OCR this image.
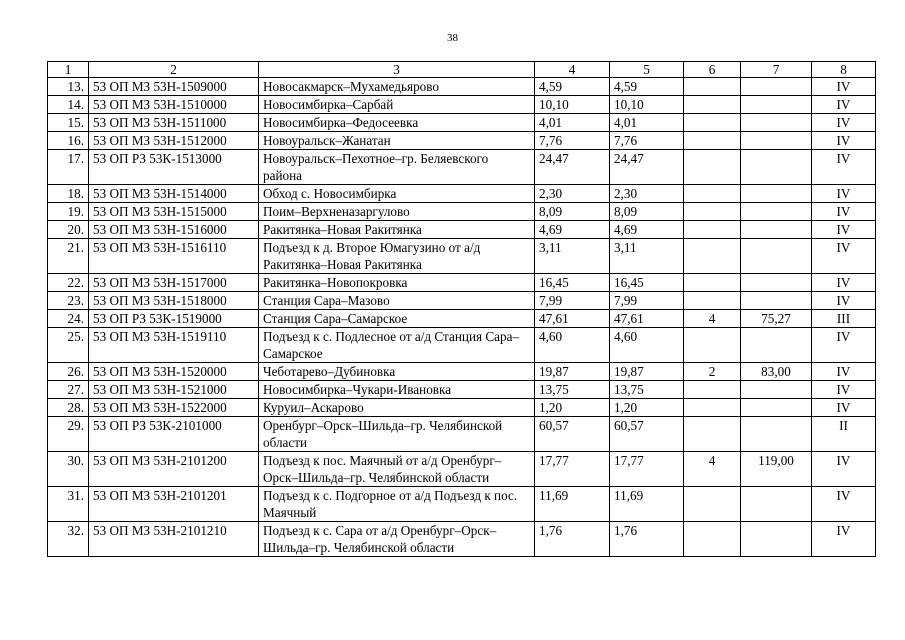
38
1	2	3	4	5	6	7	8
13.	53 ОП МЗ 53Н-1509000	Новосакмарск–Мухамедьярово	4,59	4,59			IV
14.	53 ОП МЗ 53Н-1510000	Новосимбирка–Сарбай	10,10	10,10			IV
15.	53 ОП МЗ 53Н-1511000	Новосимбирка–Федосеевка	4,01	4,01			IV
16.	53 ОП МЗ 53Н-1512000	Новоуральск–Жанатан	7,76	7,76			IV
17.	53 ОП РЗ 53К-1513000	Новоуральск–Пехотное–гр. Беляевского района	24,47	24,47			IV
18.	53 ОП МЗ 53Н-1514000	Обход с. Новосимбирка	2,30	2,30			IV
19.	53 ОП МЗ 53Н-1515000	Поим–Верхненазаргулово	8,09	8,09			IV
20.	53 ОП МЗ 53Н-1516000	Ракитянка–Новая Ракитянка	4,69	4,69			IV
21.	53 ОП МЗ 53Н-1516110	Подъезд к д. Второе Юмагузино от а/д Ракитянка–Новая Ракитянка	3,11	3,11			IV
22.	53 ОП МЗ 53Н-1517000	Ракитянка–Новопокровка	16,45	16,45			IV
23.	53 ОП МЗ 53Н-1518000	Станция Сара–Мазово	7,99	7,99			IV
24.	53 ОП РЗ 53К-1519000	Станция Сара–Самарское	47,61	47,61	4	75,27	III
25.	53 ОП МЗ 53Н-1519110	Подъезд к с. Подлесное от а/д Станция Сара–Самарское	4,60	4,60			IV
26.	53 ОП МЗ 53Н-1520000	Чеботарево–Дубиновка	19,87	19,87	2	83,00	IV
27.	53 ОП МЗ 53Н-1521000	Новосимбирка–Чукари-Ивановка	13,75	13,75			IV
28.	53 ОП МЗ 53Н-1522000	Куруил–Аскарово	1,20	1,20			IV
29.	53 ОП РЗ 53К-2101000	Оренбург–Орск–Шильда–гр. Челябинской области	60,57	60,57			II
30.	53 ОП МЗ 53Н-2101200	Подъезд к пос. Маячный от а/д Оренбург–Орск–Шильда–гр. Челябинской области	17,77	17,77	4	119,00	IV
31.	53 ОП МЗ 53Н-2101201	Подъезд к с. Подгорное от а/д Подъезд к пос. Маячный	11,69	11,69			IV
32.	53 ОП МЗ 53Н-2101210	Подъезд к с. Сара от а/д Оренбург–Орск–Шильда–гр. Челябинской области	1,76	1,76			IV
